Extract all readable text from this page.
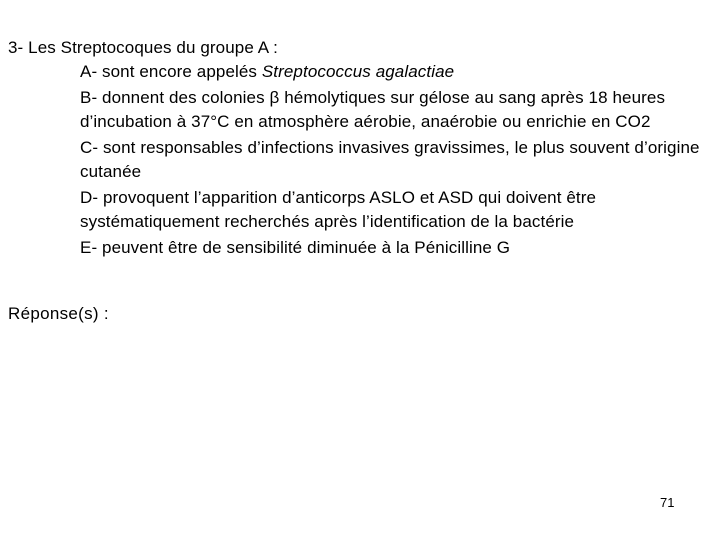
3- Les Streptocoques du groupe A :
A- sont encore appelés Streptococcus agalactiae
B- donnent des colonies β hémolytiques sur gélose au sang après 18 heures d’incubation à 37°C en atmosphère aérobie, anaérobie ou enrichie en CO2
C- sont responsables d’infections invasives gravissimes, le plus souvent d’origine cutanée
D- provoquent l’apparition d’anticorps ASLO et ASD qui doivent être systématiquement recherchés après l’identification de la bactérie
E- peuvent être de sensibilité diminuée à la Pénicilline G
Réponse(s) :
71
